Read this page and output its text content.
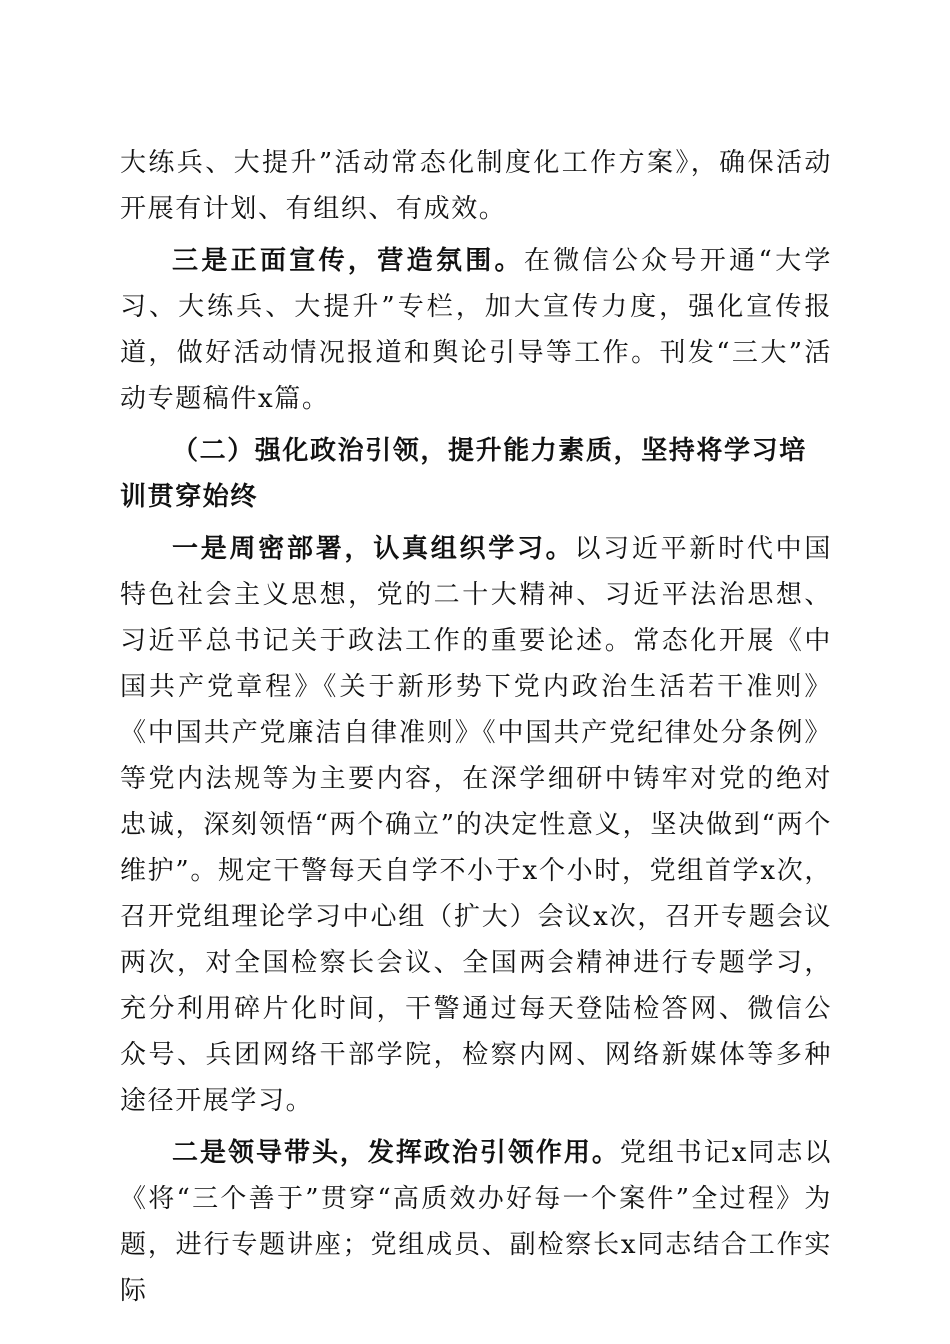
大练兵、大提升”活动常态化制度化工作方案》，确保活动开展有计划、有组织、有成效。

三是正面宣传，营造氛围。在微信公众号开通“大学习、大练兵、大提升”专栏，加大宣传力度，强化宣传报道，做好活动情况报道和舆论引导等工作。刊发“三大”活动专题稿件x篇。

（二）强化政治引领，提升能力素质，坚持将学习培训贯穿始终

一是周密部署，认真组织学习。以习近平新时代中国特色社会主义思想，党的二十大精神、习近平法治思想、习近平总书记关于政法工作的重要论述。常态化开展《中国共产党章程》《关于新形势下党内政治生活若干准则》《中国共产党廉洁自律准则》《中国共产党纪律处分条例》等党内法规等为主要内容，在深学细研中铸牢对党的绝对忠诚，深刻领悟“两个确立”的决定性意义，坚决做到“两个维护”。规定干警每天自学不小于x个小时，党组首学x次，召开党组理论学习中心组（扩大）会议x次，召开专题会议两次，对全国检察长会议、全国两会精神进行专题学习，充分利用碎片化时间，干警通过每天登陆检答网、微信公众号、兵团网络干部学院，检察内网、网络新媒体等多种途径开展学习。

二是领导带头，发挥政治引领作用。党组书记x同志以《将“三个善于”贯穿“高质效办好每一个案件”全过程》为题，进行专题讲座；党组成员、副检察长x同志结合工作实际
